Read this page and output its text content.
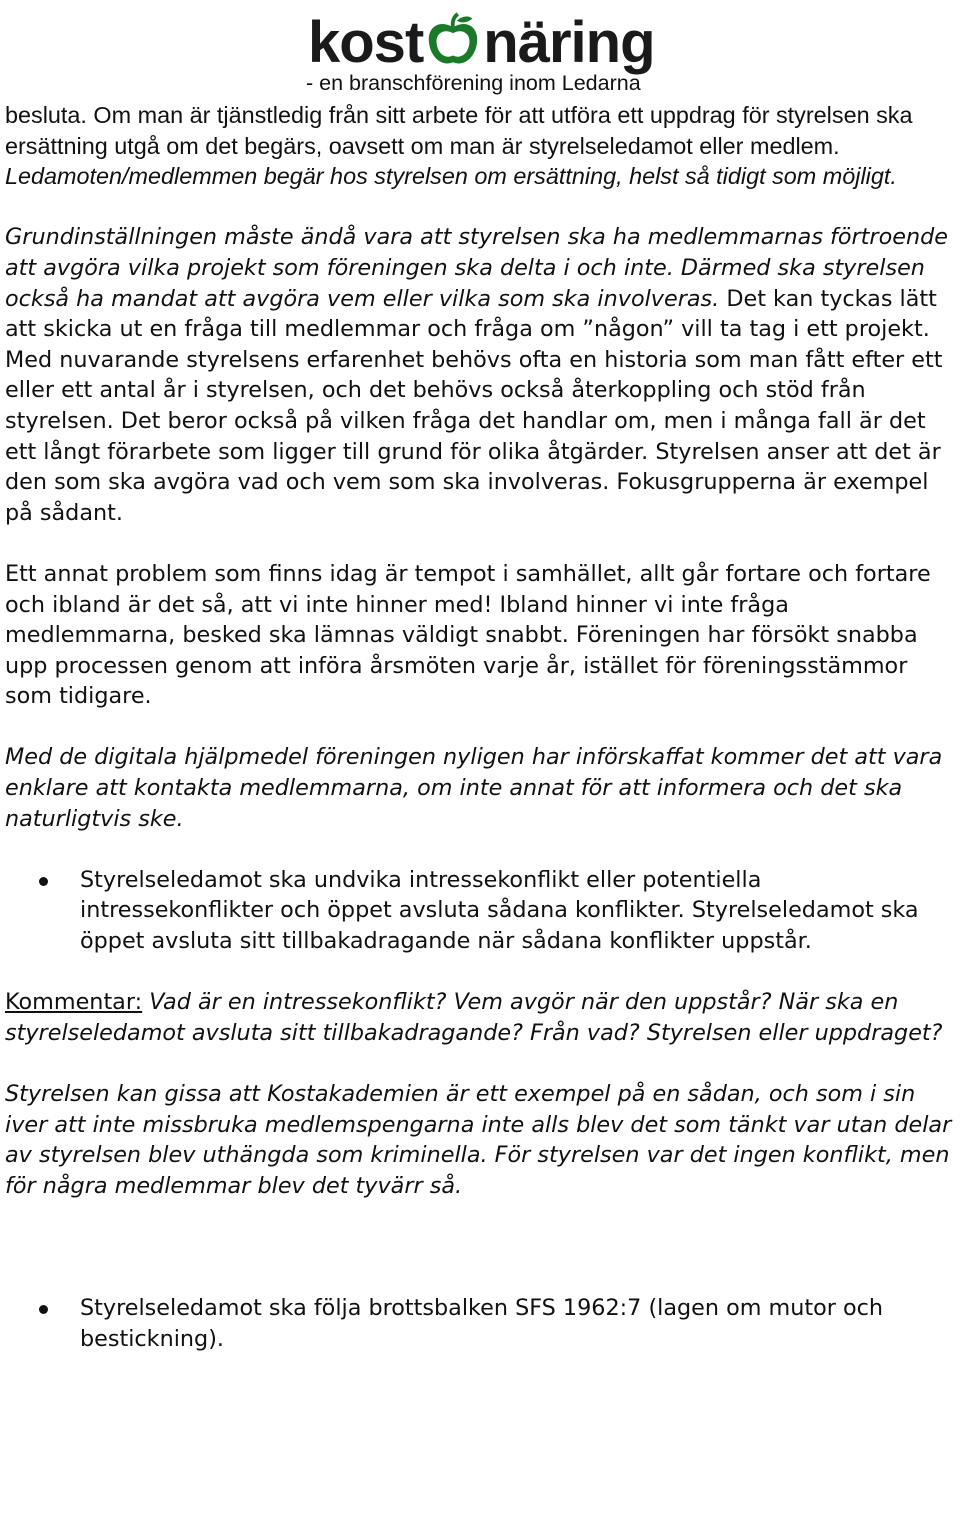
kost näring
- en branschförening inom Ledarna

besluta. Om man är tjänstledig från sitt arbete för att utföra ett uppdrag för styrelsen ska ersättning utgå om det begärs, oavsett om man är styrelseledamot eller medlem. Ledamoten/medlemmen begär hos styrelsen om ersättning, helst så tidigt som möjligt.

Grundinställningen måste ändå vara att styrelsen ska ha medlemmarnas förtroende att avgöra vilka projekt som föreningen ska delta i och inte. Därmed ska styrelsen också ha mandat att avgöra vem eller vilka som ska involveras. Det kan tyckas lätt att skicka ut en fråga till medlemmar och fråga om ”någon” vill ta tag i ett projekt. Med nuvarande styrelsens erfarenhet behövs ofta en historia som man fått efter ett eller ett antal år i styrelsen, och det behövs också återkoppling och stöd från styrelsen. Det beror också på vilken fråga det handlar om, men i många fall är det ett långt förarbete som ligger till grund för olika åtgärder. Styrelsen anser att det är den som ska avgöra vad och vem som ska involveras. Fokusgrupperna är exempel på sådant.

Ett annat problem som finns idag är tempot i samhället, allt går fortare och fortare och ibland är det så, att vi inte hinner med! Ibland hinner vi inte fråga medlemmarna, besked ska lämnas väldigt snabbt. Föreningen har försökt snabba upp processen genom att införa årsmöten varje år, istället för föreningsstämmor som tidigare.

Med de digitala hjälpmedel föreningen nyligen har införskaffat kommer det att vara enklare att kontakta medlemmarna, om inte annat för att informera och det ska naturligtvis ske.

Styrelseledamot ska undvika intressekonflikt eller potentiella intressekonflikter och öppet avsluta sådana konflikter. Styrelseledamot ska öppet avsluta sitt tillbakadragande när sådana konflikter uppstår.

Kommentar: Vad är en intressekonflikt? Vem avgör när den uppstår? När ska en styrelseledamot avsluta sitt tillbakadragande? Från vad? Styrelsen eller uppdraget?

Styrelsen kan gissa att Kostakademien är ett exempel på en sådan, och som i sin iver att inte missbruka medlemspengarna inte alls blev det som tänkt var utan delar av styrelsen blev uthängda som kriminella. För styrelsen var det ingen konflikt, men för några medlemmar blev det tyvärr så.

Styrelseledamot ska följa brottsbalken SFS 1962:7 (lagen om mutor och bestickning).
